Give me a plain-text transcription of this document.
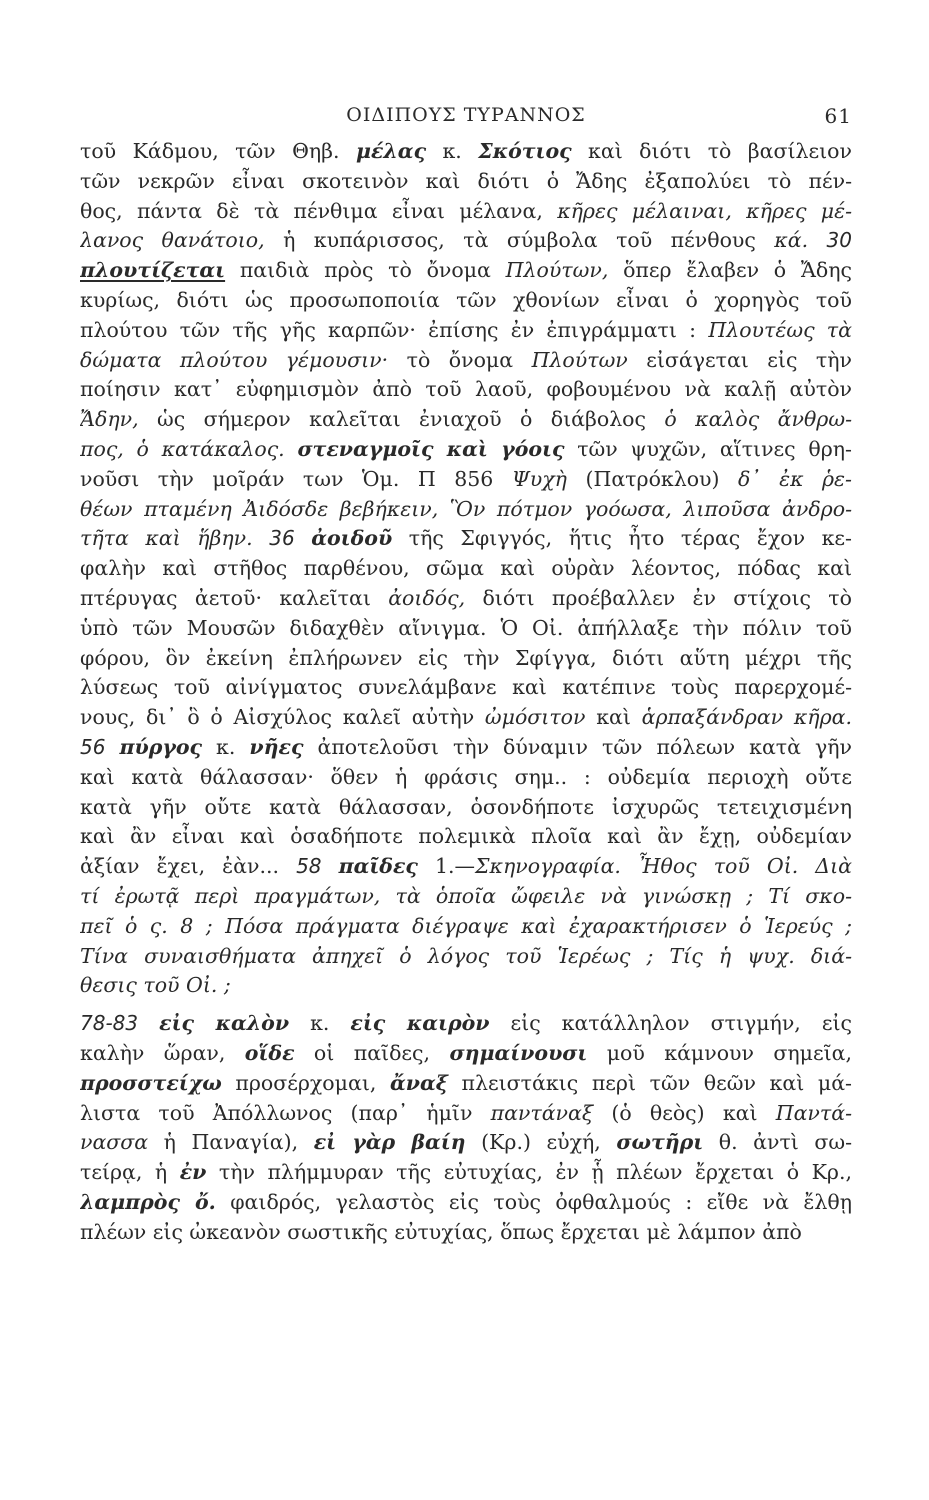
ΟΙΔΙΠΟΥΣ ΤΥΡΑΝΝΟΣ	61
τοῦ Κάδμου, τῶν Θηβ. μέλας κ. Σκότιος καὶ διότι τὸ βασίλειον
τῶν νεκρῶν εἶναι σκοτεινὸν καὶ διότι ὁ Ἄδης ἐξαπολύει τὸ πέν-
θος, πάντα δὲ τὰ πένθιμα εἶναι μέλανα, κῆρες μέλαιναι, κῆρες μέ-
λανος θανάτοιο, ἡ κυπάρισσος, τὰ σύμβολα τοῦ πένθους κά. 30
πλουτίζεται παιδιὰ πρὸς τὸ ὄνομα Πλούτων, ὅπερ ἔλαβεν ὁ Ἄδης
κυρίως, διότι ὡς προσωποποιία τῶν χθονίων εἶναι ὁ χορηγὸς τοῦ
πλούτου τῶν τῆς γῆς καρπῶν· ἐπίσης ἐν ἐπιγράμματι : Πλουτέως τὰ
δώματα πλούτου γέμουσιν· τὸ ὄνομα Πλούτων εἰσάγεται εἰς τὴν
ποίησιν κατ᾽ εὐφημισμὸν ἀπὸ τοῦ λαοῦ, φοβουμένου νὰ καλῇ αὐτὸν
Ἄδην, ὡς σήμερον καλεῖται ἐνιαχοῦ ὁ διάβολος ὁ καλὸς ἄνθρω-
πος, ὁ κατάκαλος. στεναγμοῖς καὶ γόοις τῶν ψυχῶν, αἵτινες θρη-
νοῦσι τὴν μοῖράν των Ὁμ. Π 856 Ψυχὴ (Πατρόκλου) δ᾽ ἐκ ῥε-
θέων πταμένη Ἀιδόσδε βεβήκειν, Ὃν πότμον γοόωσα, λιποῦσα ἀνδρο-
τῆτα καὶ ἥβην. 36 ἀοιδοῦ τῆς Σφιγγός, ἥτις ἦτο τέρας ἔχον κε-
φαλὴν καὶ στῆθος παρθένου, σῶμα καὶ οὐρὰν λέοντος, πόδας καὶ
πτέρυγας ἀετοῦ· καλεῖται ἀοιδός, διότι προέβαλλεν ἐν στίχοις τὸ
ὑπὸ τῶν Μουσῶν διδαχθὲν αἴνιγμα. Ὁ Οἰ. ἀπήλλαξε τὴν πόλιν τοῦ
φόρου, ὃν ἐκείνη ἐπλήρωνεν εἰς τὴν Σφίγγα, διότι αὕτη μέχρι τῆς
λύσεως τοῦ αἰνίγματος συνελάμβανε καὶ κατέπινε τοὺς παρερχομέ-
νους, δι᾽ ὃ ὁ Αἰσχύλος καλεῖ αὐτὴν ὠμόσιτον καὶ ἁρπαξάνδραν κῆρα.
56 πύργος κ. νῆες ἀποτελοῦσι τὴν δύναμιν τῶν πόλεων κατὰ γῆν
καὶ κατὰ θάλασσαν· ὅθεν ἡ φράσις σημ.. : οὐδεμία περιοχὴ οὔτε
κατὰ γῆν οὔτε κατὰ θάλασσαν, ὁσονδήποτε ἰσχυρῶς τετειχισμένη
καὶ ἂν εἶναι καὶ ὁσαδήποτε πολεμικὰ πλοῖα καὶ ἂν ἔχῃ, οὐδεμίαν
ἀξίαν ἔχει, ἐὰν... 58 παῖδες 1.—Σκηνογραφία. Ἦθος τοῦ Οἰ. Διὰ
τί ἐρωτᾷ περὶ πραγμάτων, τὰ ὁποῖα ὤφειλε νὰ γινώσκῃ ; Τί σκο-
πεῖ ὁ ς. 8 ; Πόσα πράγματα διέγραψε καὶ ἐχαρακτήρισεν ὁ Ἱερεύς ;
Τίνα συναισθήματα ἀπηχεῖ ὁ λόγος τοῦ Ἱερέως ; Τίς ἡ ψυχ. διά-
θεσις τοῦ Οἰ. ;
78-83 εἰς καλὸν κ. εἰς καιρὸν εἰς κατάλληλον στιγμήν, εἰς
καλὴν ὥραν, οἵδε οἱ παῖδες, σημαίνουσι μοῦ κάμνουν σημεῖα,
προσστείχω προσέρχομαι, ἄναξ πλειστάκις περὶ τῶν θεῶν καὶ μά-
λιστα τοῦ Ἀπόλλωνος (παρ᾽ ἡμῖν παντάναξ (ὁ θεὸς) καὶ Παντά-
νασσα ἡ Παναγία), εἰ γὰρ βαίη (Κρ.) εὐχή, σωτῆρι θ. ἀντὶ σω-
τείρᾳ, ἡ ἐν τὴν πλήμμυραν τῆς εὐτυχίας, ἐν ᾗ πλέων ἔρχεται ὁ Κρ.,
λαμπρὸς ὄ. φαιδρός, γελαστὸς εἰς τοὺς ὀφθαλμούς : εἴθε νὰ ἔλθῃ
πλέων εἰς ὠκεανὸν σωστικῆς εὐτυχίας, ὅπως ἔρχεται μὲ λάμπον ἀπὸ
